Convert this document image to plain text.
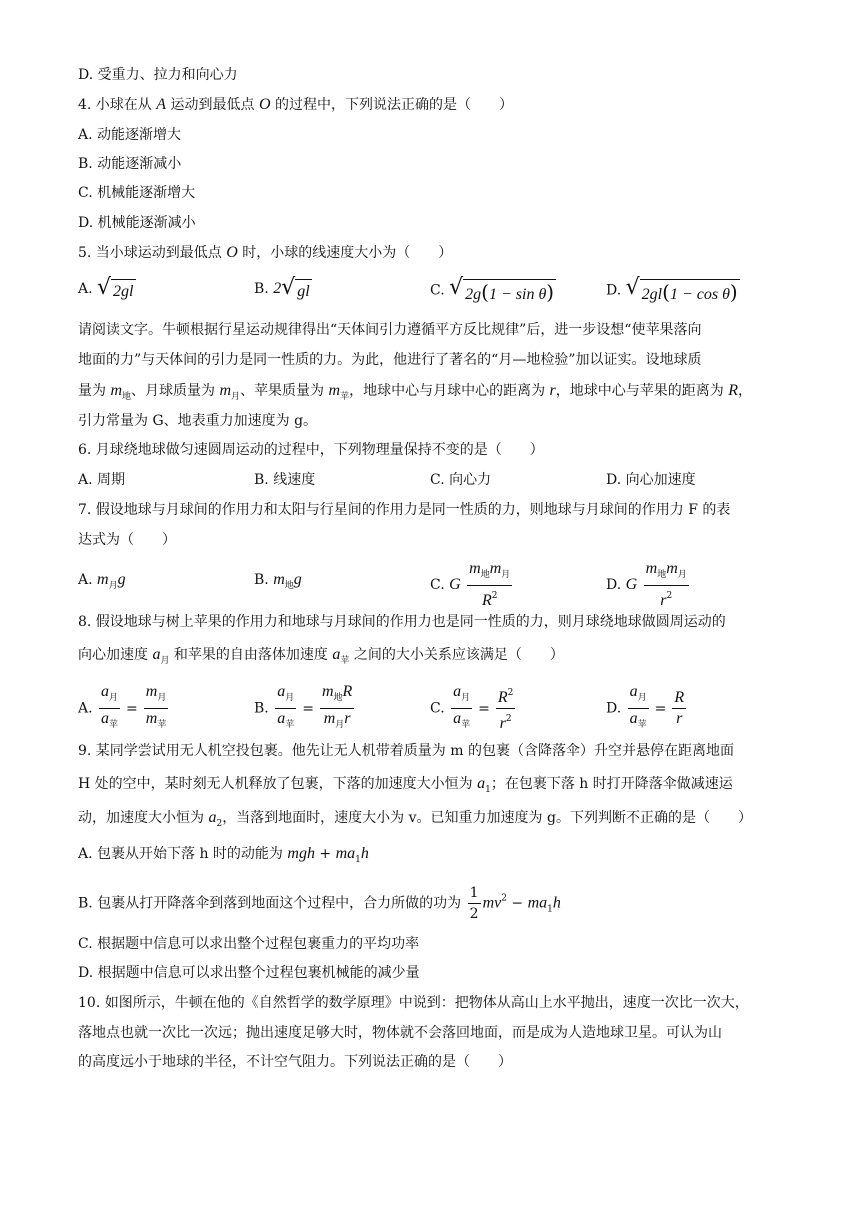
D. 受重力、拉力和向心力
4. 小球在从 A 运动到最低点 O 的过程中，下列说法正确的是（　　）
A. 动能逐渐增大
B. 动能逐渐减小
C. 机械能逐渐增大
D. 机械能逐渐减小
5. 当小球运动到最低点 O 时，小球的线速度大小为（　　）
A. √ 2gl	B. 2 √ gl	C. √ 2g(1 − sin θ)	D. √ 2gl(1 − cos θ)
请阅读文字。牛顿根据行星运动规律得出“天体间引力遵循平方反比规律”后，进一步设想“使苹果落向
地面的力”与天体间的引力是同一性质的力。为此，他进行了著名的“月—地检验”加以证实。设地球质
量为 $m_地$、月球质量为 $m_月$、苹果质量为 $m_苹$，地球中心与月球中心的距离为 r，地球中心与苹果的距离为 R，
引力常量为 G、地表重力加速度为 g。
6. 月球绕地球做匀速圆周运动的过程中，下列物理量保持不变的是（　　）
A. 周期	B. 线速度	C. 向心力	D. 向心加速度
7. 假设地球与月球间的作用力和太阳与行星间的作用力是同一性质的力，则地球与月球间的作用力 F 的表
达式为（　　）
A. $m_月g$	B. $m_地g$	C. G $\frac{m_地m_月}{R^2}$	D. G $\frac{m_地m_月}{r^2}$
8. 假设地球与树上苹果的作用力和地球与月球间的作用力也是同一性质的力，则月球绕地球做圆周运动的
向心加速度 $a_月$ 和苹果的自由落体加速度 $a_苹$ 之间的大小关系应该满足（　　）
A. $\frac{a_月}{a_苹} = \frac{m_月}{m_苹}$	B. $\frac{a_月}{a_苹} = \frac{m_地R}{m_月r}$	C. $\frac{a_月}{a_苹} = \frac{R^2}{r^2}$	D. $\frac{a_月}{a_苹} = \frac{R}{r}$
9. 某同学尝试用无人机空投包裹。他先让无人机带着质量为 m 的包裹（含降落伞）升空并悬停在距离地面
H 处的空中，某时刻无人机释放了包裹，下落的加速度大小恒为 $a_1$；在包裹下落 h 时打开降落伞做减速运
动，加速度大小恒为 $a_2$，当落到地面时，速度大小为 v。已知重力加速度为 g。下列判断不正确的是（　　）
A. 包裹从开始下落 h 时的动能为 mgh + $ma_1h$
B. 包裹从打开降落伞到落到地面这个过程中，合力所做的功为 $\frac{1}{2} mv^2 - ma_1h$
C. 根据题中信息可以求出整个过程包裹重力的平均功率
D. 根据题中信息可以求出整个过程包裹机械能的减少量
10. 如图所示，牛顿在他的《自然哲学的数学原理》中说到：把物体从高山上水平抛出，速度一次比一次大，
落地点也就一次比一次远；抛出速度足够大时，物体就不会落回地面，而是成为人造地球卫星。可认为山
的高度远小于地球的半径，不计空气阻力。下列说法正确的是（　　）
